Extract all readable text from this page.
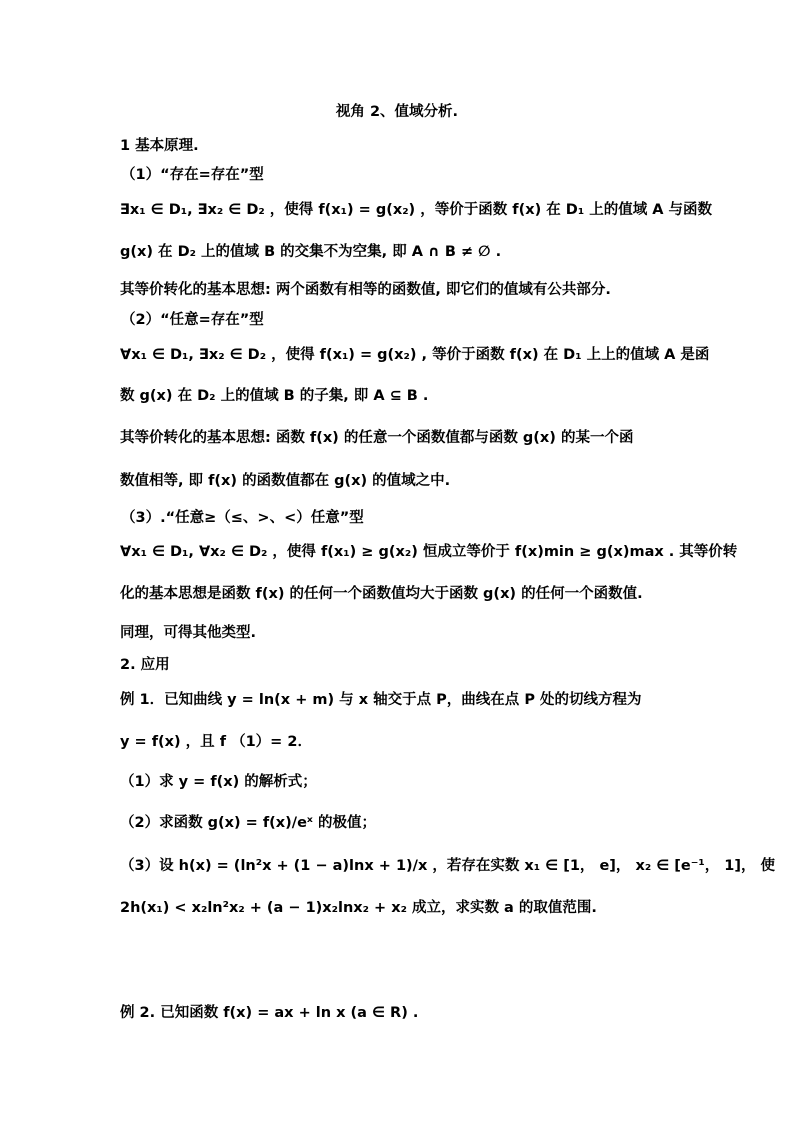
视角 2、值域分析.
1 基本原理.
（1）“存在=存在”型
∃x₁ ∈ D₁, ∃x₂ ∈ D₂ ，使得 f(x₁) = g(x₂) ，等价于函数 f(x) 在 D₁ 上的值域 A 与函数
g(x) 在 D₂ 上的值域 B 的交集不为空集, 即 A ∩ B ≠ ∅ .
其等价转化的基本思想: 两个函数有相等的函数值, 即它们的值域有公共部分.
（2）“任意=存在”型
∀x₁ ∈ D₁, ∃x₂ ∈ D₂ ，使得 f(x₁) = g(x₂) , 等价于函数 f(x) 在 D₁ 上上的值域 A 是函
数 g(x) 在 D₂ 上的值域 B 的子集, 即 A ⊆ B .
其等价转化的基本思想: 函数 f(x) 的任意一个函数值都与函数 g(x) 的某一个函
数值相等, 即 f(x) 的函数值都在 g(x) 的值域之中.
（3）.“任意≥（≤、>、<）任意”型
∀x₁ ∈ D₁, ∀x₂ ∈ D₂ ，使得 f(x₁) ≥ g(x₂) 恒成立等价于 f(x)min ≥ g(x)max . 其等价转
化的基本思想是函数 f(x) 的任何一个函数值均大于函数 g(x) 的任何一个函数值.
同理，可得其他类型.
2. 应用
例 1．已知曲线 y = ln(x + m) 与 x 轴交于点 P，曲线在点 P 处的切线方程为
y = f(x) ，且 f （1）= 2．
（1）求 y = f(x) 的解析式；
（2）求函数 g(x) = f(x)/eˣ 的极值；
（3）设 h(x) = (ln²x + (1 − a)lnx + 1)/x ，若存在实数 x₁ ∈ [1， e]， x₂ ∈ [e⁻¹， 1]， 使
2h(x₁) < x₂ln²x₂ + (a − 1)x₂lnx₂ + x₂ 成立，求实数 a 的取值范围.
例 2. 已知函数 f(x) = ax + ln x (a ∈ R) .
